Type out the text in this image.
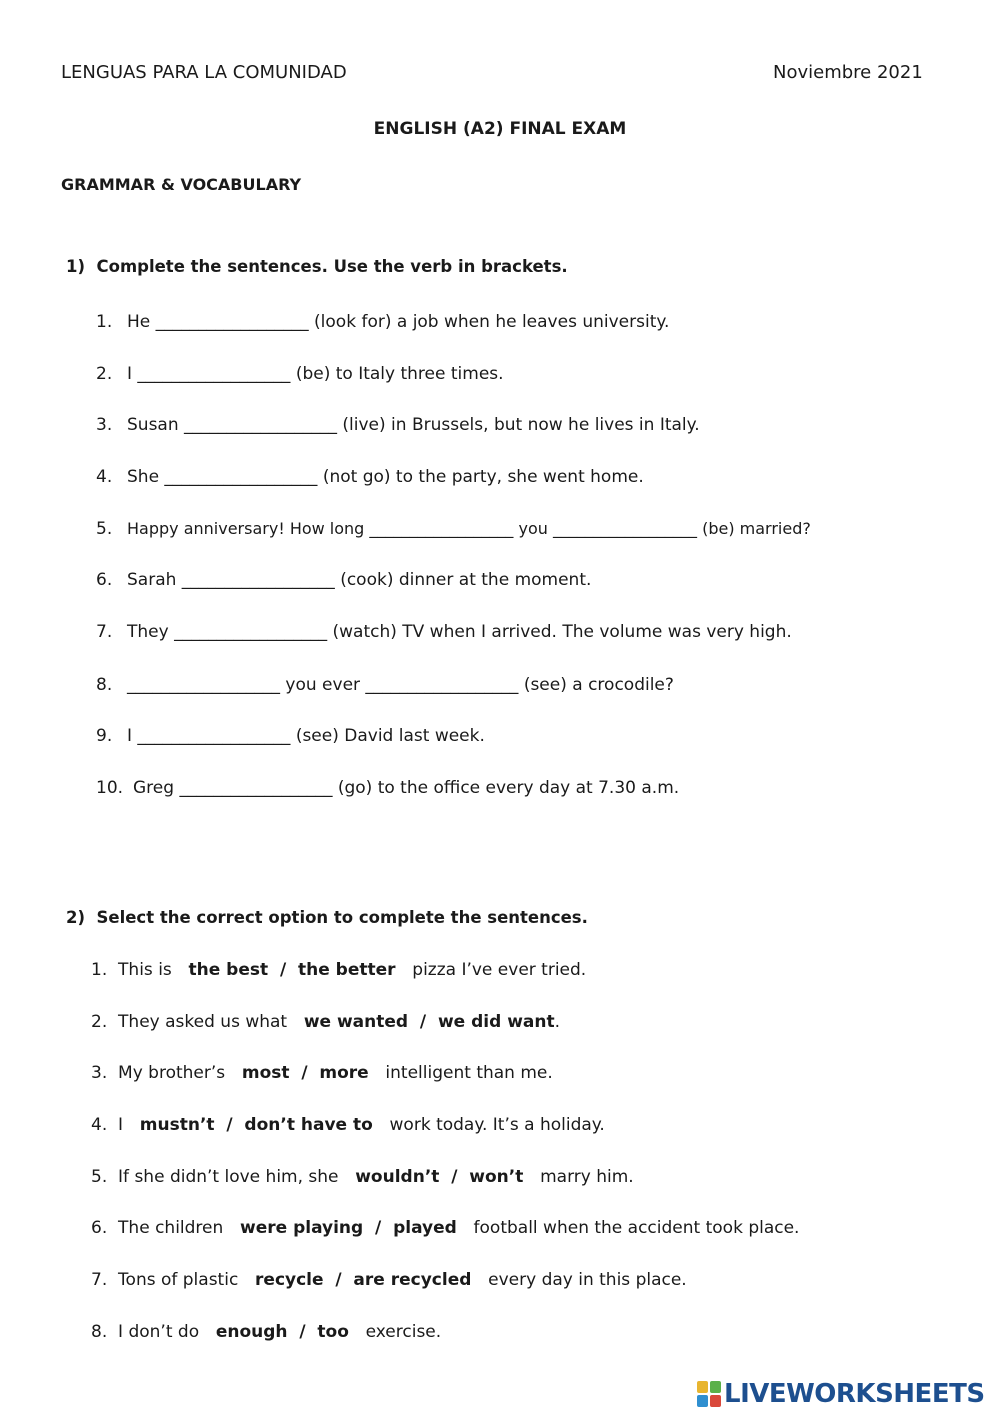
LENGUAS PARA LA COMUNIDAD	Noviembre 2021
ENGLISH (A2) FINAL EXAM
GRAMMAR & VOCABULARY
1)  Complete the sentences. Use the verb in brackets.
1. He __________________ (look for) a job when he leaves university.
2. I __________________ (be) to Italy three times.
3. Susan __________________ (live) in Brussels, but now he lives in Italy.
4. She __________________ (not go) to the party, she went home.
5. Happy anniversary! How long __________________ you __________________ (be) married?
6. Sarah __________________ (cook) dinner at the moment.
7. They __________________ (watch) TV when I arrived. The volume was very high.
8. __________________ you ever __________________ (see) a crocodile?
9. I __________________ (see) David last week.
10. Greg __________________ (go) to the office every day at 7.30 a.m.
2)  Select the correct option to complete the sentences.
1. This is   the best  /  the better   pizza I’ve ever tried.
2. They asked us what   we wanted  /  we did want.
3. My brother’s   most  /  more   intelligent than me.
4. I   mustn’t  /  don’t have to   work today. It’s a holiday.
5. If she didn’t love him, she   wouldn’t  /  won’t   marry him.
6. The children   were playing  /  played   football when the accident took place.
7. Tons of plastic   recycle  /  are recycled   every day in this place.
8. I don’t do   enough  /  too   exercise.
LIVEWORKSHEETS
